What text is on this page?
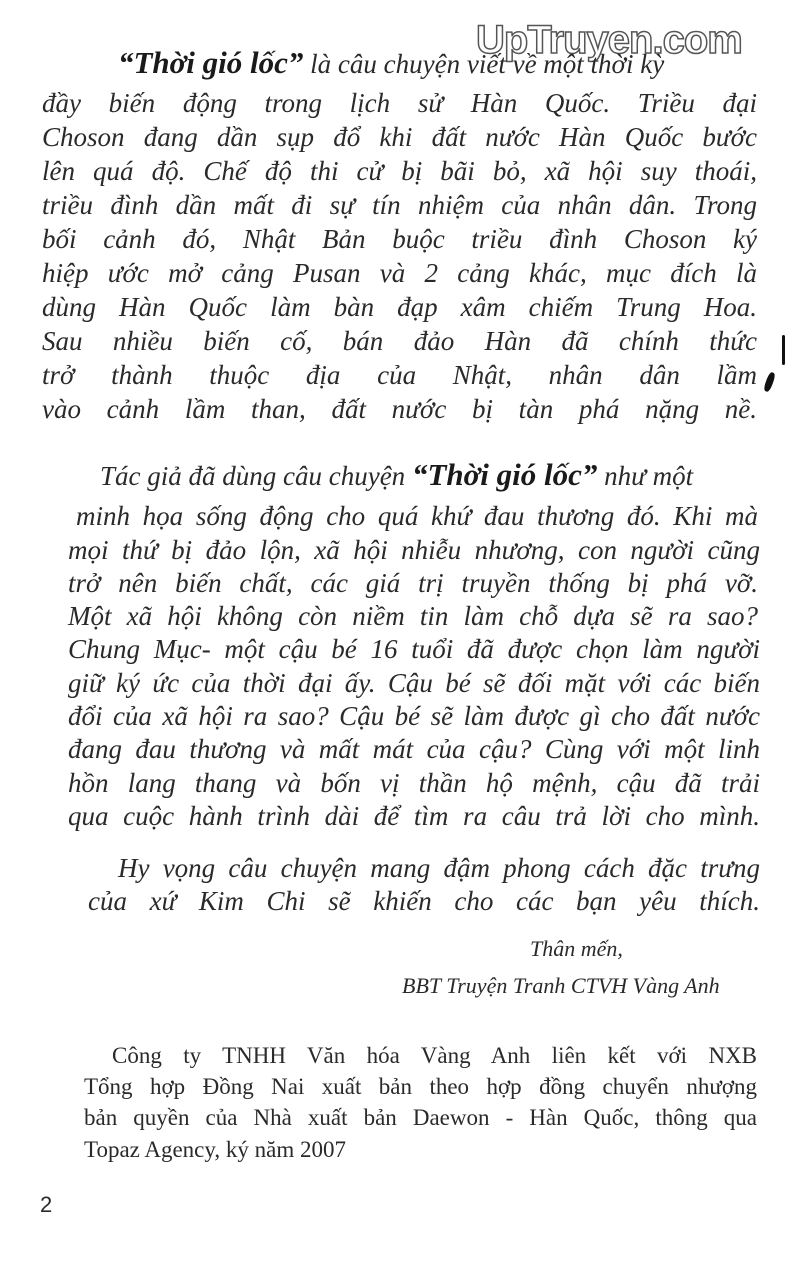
UpTruyen.com
“Thời gió lốc” là câu chuyện viết về một thời kỳ
đầy biến động trong lịch sử Hàn Quốc. Triều đại
Choson đang dần sụp đổ khi đất nước Hàn Quốc bước
lên quá độ. Chế độ thi cử bị bãi bỏ, xã hội suy thoái,
triều đình dần mất đi sự tín nhiệm của nhân dân. Trong
bối cảnh đó, Nhật Bản buộc triều đình Choson ký
hiệp ước mở cảng Pusan và 2 cảng khác, mục đích là
dùng Hàn Quốc làm bàn đạp xâm chiếm Trung Hoa.
Sau nhiều biến cố, bán đảo Hàn đã chính thức
trở thành thuộc địa của Nhật, nhân dân lầm
vào cảnh lầm than, đất nước bị tàn phá nặng nề.
Tác giả đã dùng câu chuyện “Thời gió lốc” như một
minh họa sống động cho quá khứ đau thương đó. Khi mà
mọi thứ bị đảo lộn, xã hội nhiễu nhương, con người cũng
trở nên biến chất, các giá trị truyền thống bị phá vỡ.
Một xã hội không còn niềm tin làm chỗ dựa sẽ ra sao?
Chung Mục- một cậu bé 16 tuổi đã được chọn làm người
giữ ký ức của thời đại ấy. Cậu bé sẽ đối mặt với các biến
đổi của xã hội ra sao? Cậu bé sẽ làm được gì cho đất nước
đang đau thương và mất mát của cậu? Cùng với một linh
hồn lang thang và bốn vị thần hộ mệnh, cậu đã trải
qua cuộc hành trình dài để tìm ra câu trả lời cho mình.
Hy vọng câu chuyện mang đậm phong cách đặc trưng
của xứ Kim Chi sẽ khiến cho các bạn yêu thích.
Thân mến,
BBT Truyện Tranh CTVH Vàng Anh
Công ty TNHH Văn hóa Vàng Anh liên kết với NXB
Tổng hợp Đồng Nai xuất bản theo hợp đồng chuyển nhượng
bản quyền của Nhà xuất bản Daewon - Hàn Quốc, thông qua
Topaz Agency, ký năm 2007
2
